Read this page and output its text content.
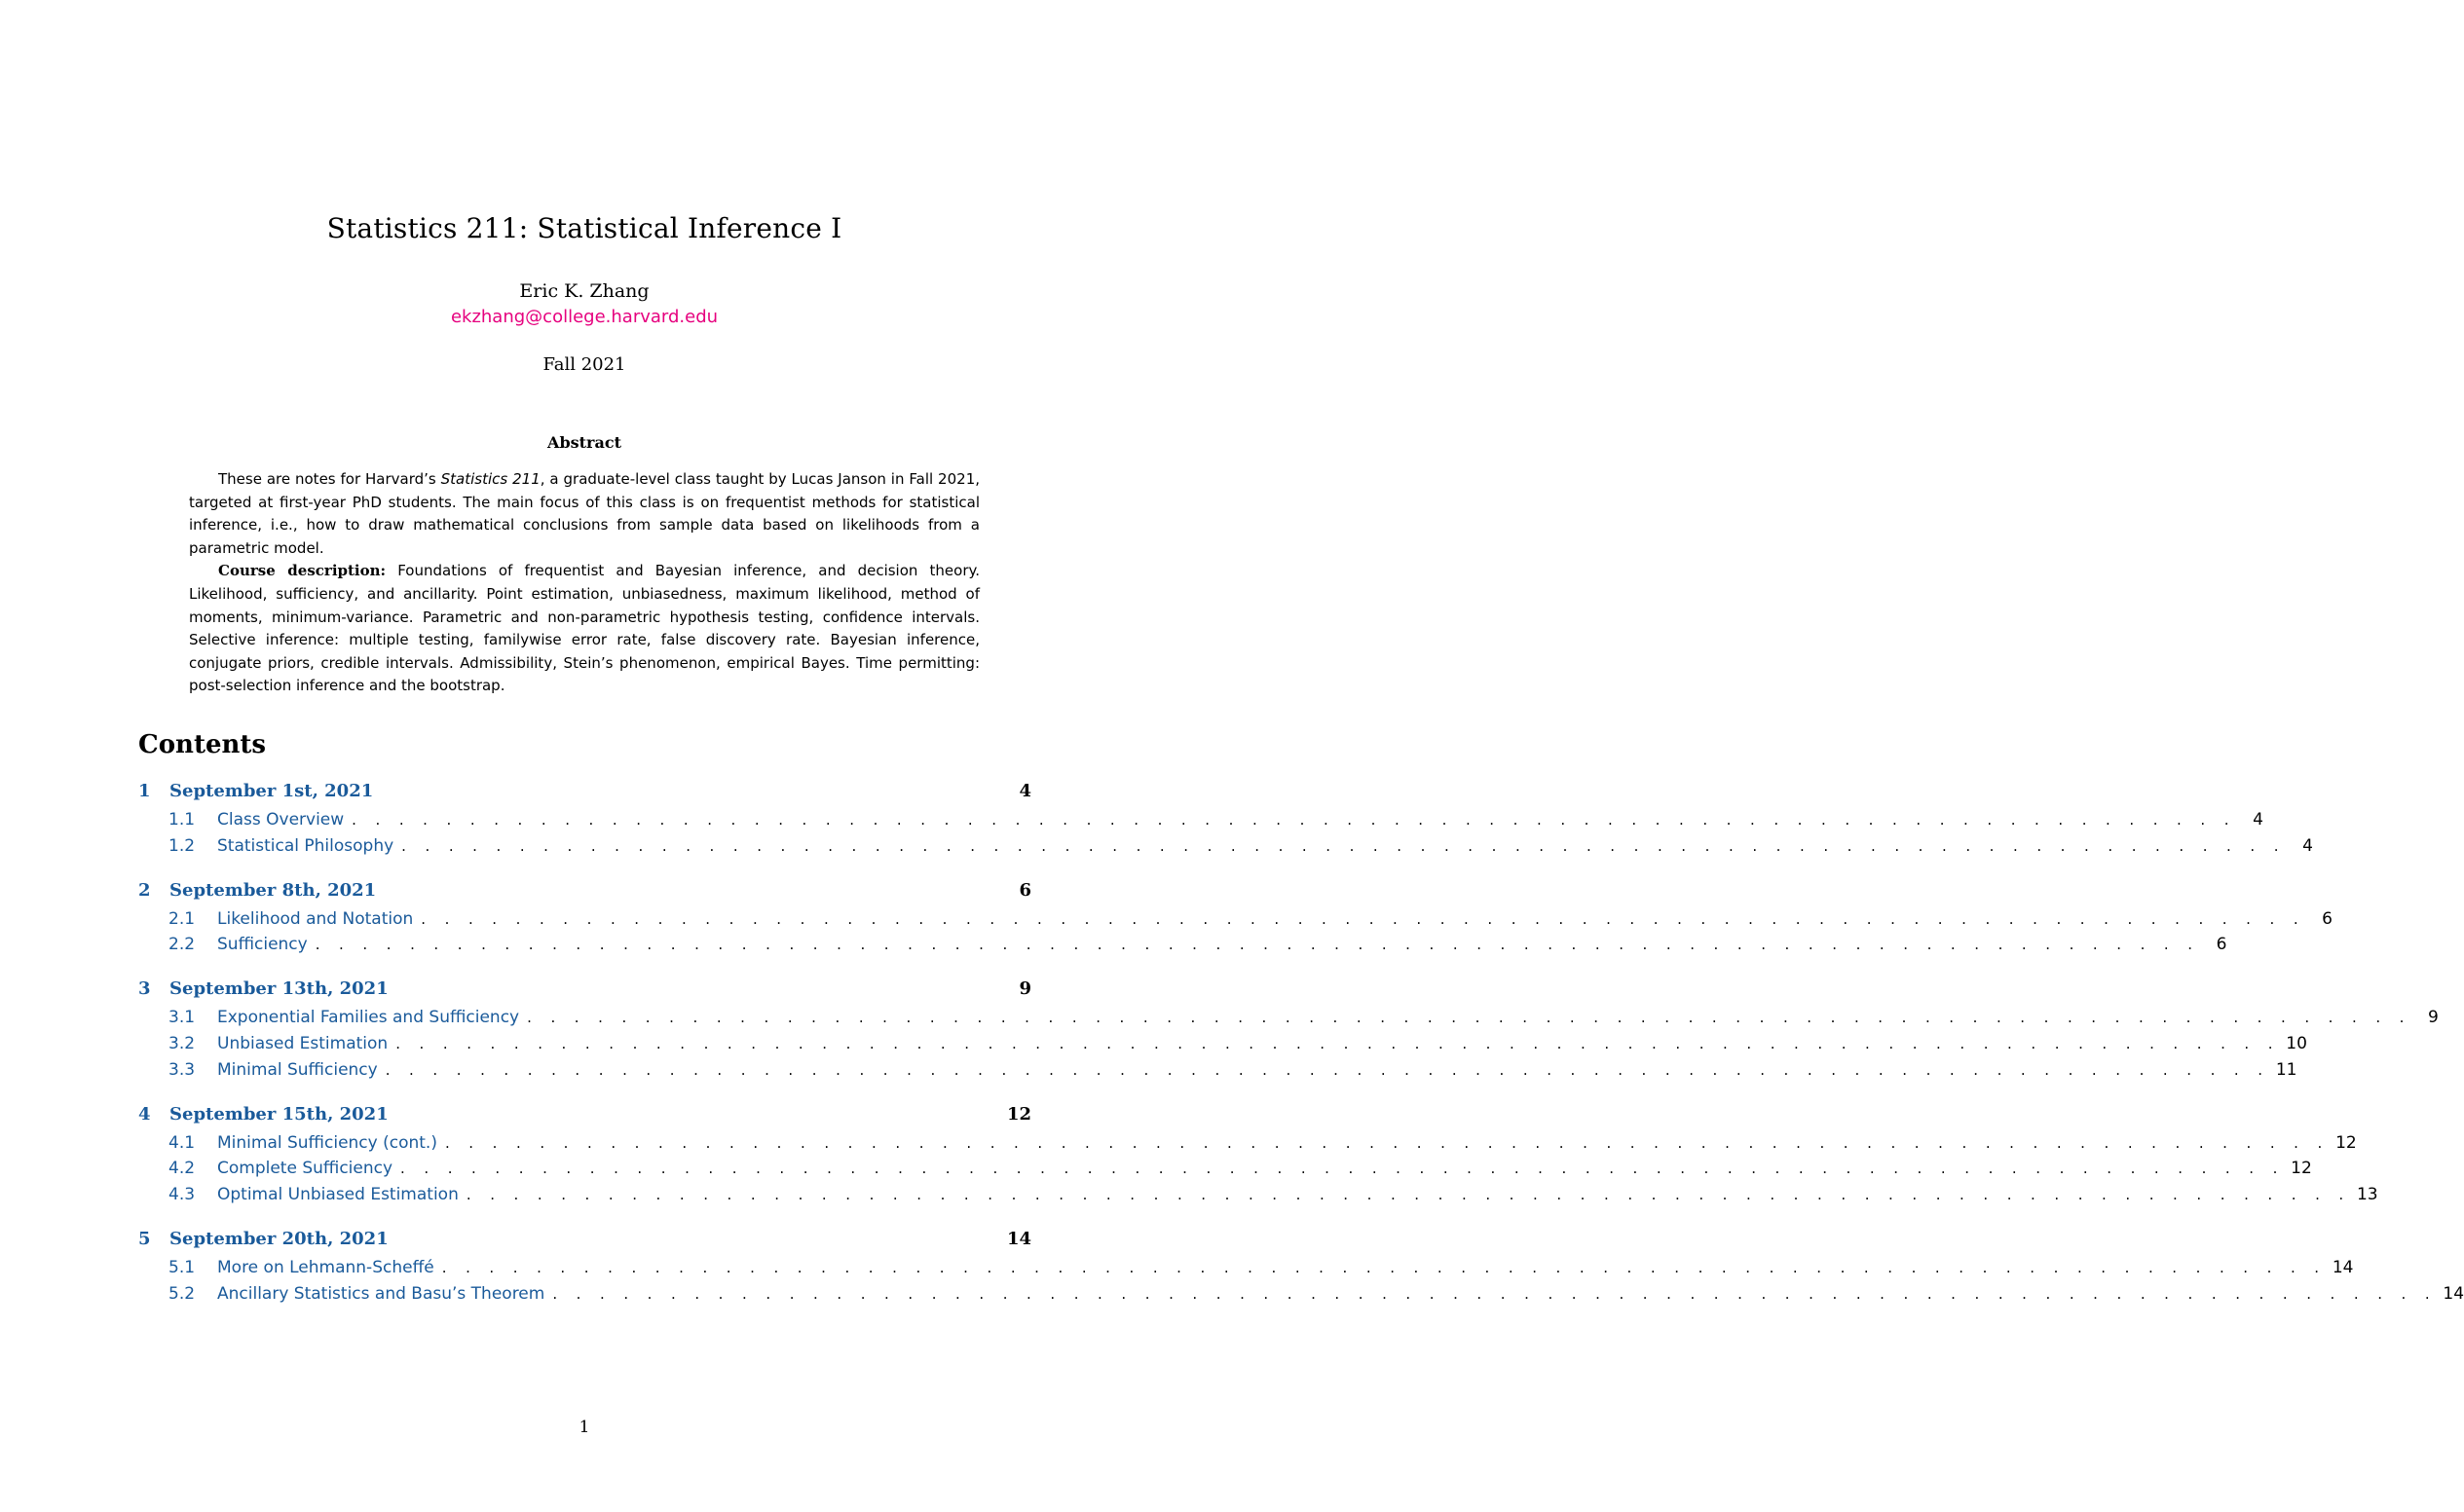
Statistics 211: Statistical Inference I
Eric K. Zhang
ekzhang@college.harvard.edu
Fall 2021
Abstract

These are notes for Harvard’s Statistics 211, a graduate-level class taught by Lucas Janson in Fall 2021, targeted at first-year PhD students. The main focus of this class is on frequentist methods for statistical inference, i.e., how to draw mathematical conclusions from sample data based on likelihoods from a parametric model.

Course description: Foundations of frequentist and Bayesian inference, and decision theory. Likelihood, sufficiency, and ancillarity. Point estimation, unbiasedness, maximum likelihood, method of moments, minimum-variance. Parametric and non-parametric hypothesis testing, confidence intervals. Selective inference: multiple testing, familywise error rate, false discovery rate. Bayesian inference, conjugate priors, credible intervals. Admissibility, Stein’s phenomenon, empirical Bayes. Time permitting: post-selection inference and the bootstrap.

Contents
1	September 1st, 2021	4
1.1	Class Overview . . . . . . . . . . . . . . . . . . . . . . . . . . . . . . . . . . . . . . . . . . . . . . . . . . . . . . . . . . . . . . . . . . . . . . . . . . . . . . . .	4
1.2	Statistical Philosophy . . . . . . . . . . . . . . . . . . . . . . . . . . . . . . . . . . . . . . . . . . . . . . . . . . . . . . . . . . . . . . . . . . . . . . . . . . . . . . . .	4
2	September 8th, 2021	6
2.1	Likelihood and Notation . . . . . . . . . . . . . . . . . . . . . . . . . . . . . . . . . . . . . . . . . . . . . . . . . . . . . . . . . . . . . . . . . . . . . . . . . . . . . . . .	6
2.2	Sufficiency . . . . . . . . . . . . . . . . . . . . . . . . . . . . . . . . . . . . . . . . . . . . . . . . . . . . . . . . . . . . . . . . . . . . . . . . . . . . . . . .	6
3	September 13th, 2021	9
3.1	Exponential Families and Sufficiency . . . . . . . . . . . . . . . . . . . . . . . . . . . . . . . . . . . . . . . . . . . . . . . . . . . . . . . . . . . . . . . . . . . . . . . . . . . . . . . .	9
3.2	Unbiased Estimation . . . . . . . . . . . . . . . . . . . . . . . . . . . . . . . . . . . . . . . . . . . . . . . . . . . . . . . . . . . . . . . . . . . . . . . . . . . . . . . . 10
3.3	Minimal Sufficiency . . . . . . . . . . . . . . . . . . . . . . . . . . . . . . . . . . . . . . . . . . . . . . . . . . . . . . . . . . . . . . . . . . . . . . . . . . . . . . . . 11
4	September 15th, 2021	12
4.1	Minimal Sufficiency (cont.) . . . . . . . . . . . . . . . . . . . . . . . . . . . . . . . . . . . . . . . . . . . . . . . . . . . . . . . . . . . . . . . . . . . . . . . . . . . . . . . . 12
4.2	Complete Sufficiency . . . . . . . . . . . . . . . . . . . . . . . . . . . . . . . . . . . . . . . . . . . . . . . . . . . . . . . . . . . . . . . . . . . . . . . . . . . . . . . . 12
4.3	Optimal Unbiased Estimation . . . . . . . . . . . . . . . . . . . . . . . . . . . . . . . . . . . . . . . . . . . . . . . . . . . . . . . . . . . . . . . . . . . . . . . . . . . . . . . . 13
5	September 20th, 2021	14
5.1	More on Lehmann-Scheffé . . . . . . . . . . . . . . . . . . . . . . . . . . . . . . . . . . . . . . . . . . . . . . . . . . . . . . . . . . . . . . . . . . . . . . . . . . . . . . . . 14
5.2	Ancillary Statistics and Basu’s Theorem . . . . . . . . . . . . . . . . . . . . . . . . . . . . . . . . . . . . . . . . . . . . . . . . . . . . . . . . . . . . . . . . . . . . . . . . . . . . . . . . 14
1
